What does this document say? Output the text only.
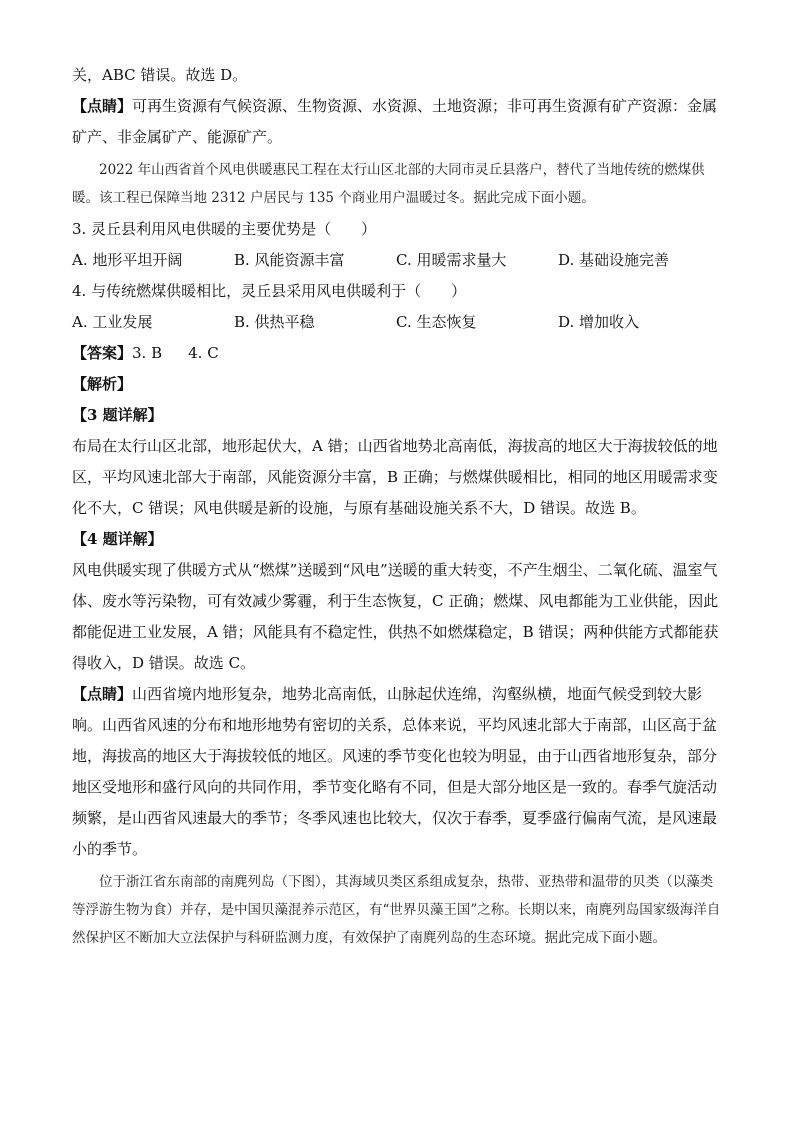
关，ABC 错误。故选 D。

【点睛】可再生资源有气候资源、生物资源、水资源、土地资源；非可再生资源有矿产资源：金属矿产、非金属矿产、能源矿产。

2022 年山西省首个风电供暖惠民工程在太行山区北部的大同市灵丘县落户，替代了当地传统的燃煤供暖。该工程已保障当地 2312 户居民与 135 个商业用户温暖过冬。据此完成下面小题。

3. 灵丘县利用风电供暖的主要优势是（　　）

A. 地形平坦开阔	B. 风能资源丰富	C. 用暖需求量大	D. 基础设施完善

4. 与传统燃煤供暖相比，灵丘县采用风电供暖利于（　　）

A. 工业发展	B. 供热平稳	C. 生态恢复	D. 增加收入

【答案】3. B 4. C

【解析】

【3 题详解】

布局在太行山区北部，地形起伏大，A 错；山西省地势北高南低，海拔高的地区大于海拔较低的地区，平均风速北部大于南部，风能资源分丰富，B 正确；与燃煤供暖相比，相同的地区用暖需求变化不大，C 错误；风电供暖是新的设施，与原有基础设施关系不大，D 错误。故选 B。

【4 题详解】

风电供暖实现了供暖方式从“燃煤”送暖到“风电”送暖的重大转变，不产生烟尘、二氧化硫、温室气体、废水等污染物，可有效减少雾霾，利于生态恢复，C 正确；燃煤、风电都能为工业供能，因此都能促进工业发展，A 错；风能具有不稳定性，供热不如燃煤稳定，B 错误；两种供能方式都能获得收入，D 错误。故选 C。

【点睛】山西省境内地形复杂，地势北高南低，山脉起伏连绵，沟壑纵横，地面气候受到较大影响。山西省风速的分布和地形地势有密切的关系，总体来说，平均风速北部大于南部，山区高于盆地，海拔高的地区大于海拔较低的地区。风速的季节变化也较为明显，由于山西省地形复杂，部分地区受地形和盛行风向的共同作用，季节变化略有不同，但是大部分地区是一致的。春季气旋活动频繁，是山西省风速最大的季节；冬季风速也比较大，仅次于春季，夏季盛行偏南气流，是风速最小的季节。

位于浙江省东南部的南麂列岛（下图），其海域贝类区系组成复杂，热带、亚热带和温带的贝类（以藻类等浮游生物为食）并存，是中国贝藻混养示范区，有“世界贝藻王国”之称。长期以来，南麂列岛国家级海洋自然保护区不断加大立法保护与科研监测力度，有效保护了南麂列岛的生态环境。据此完成下面小题。
